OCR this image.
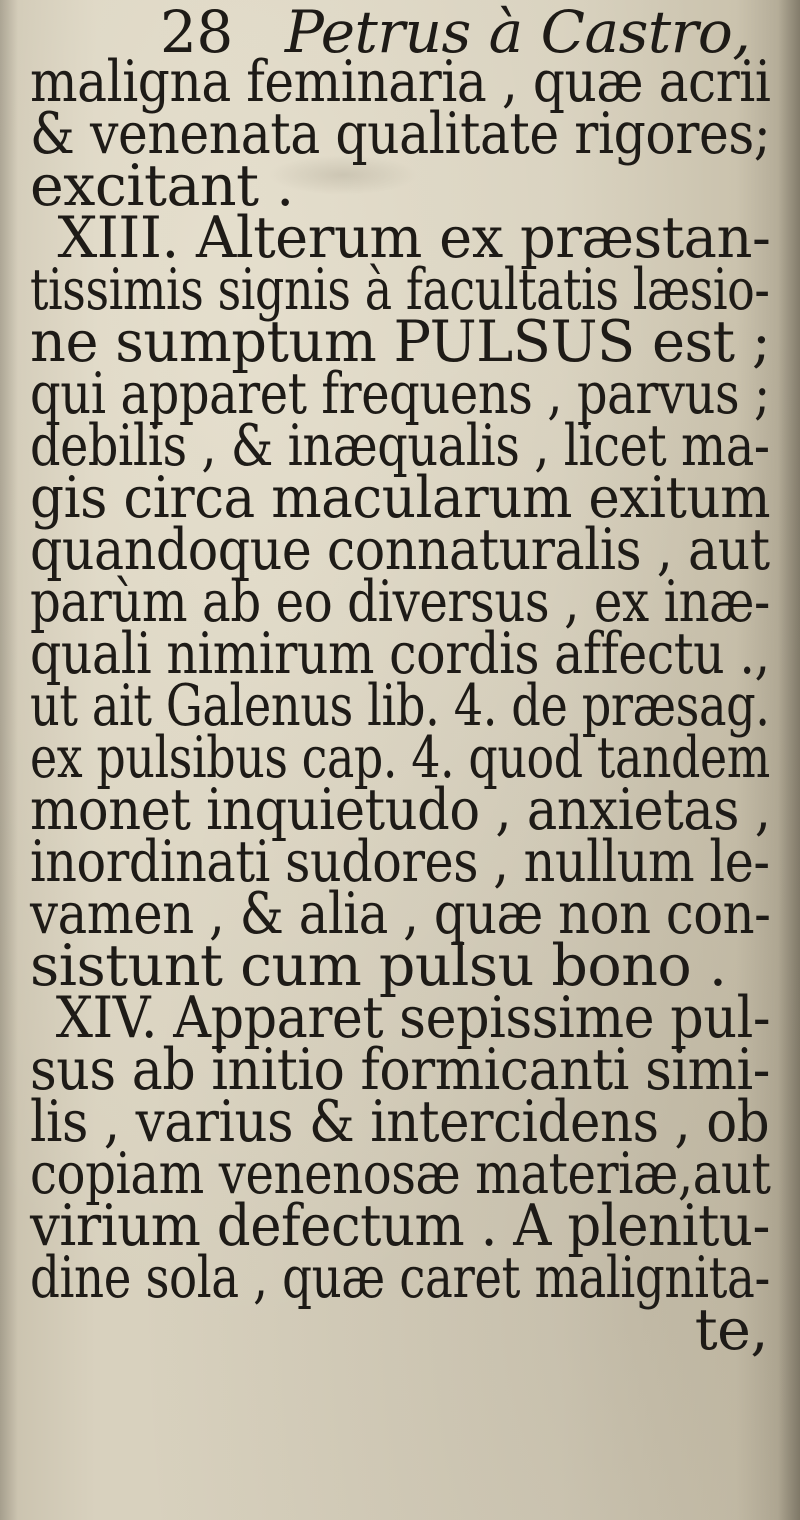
28 Petrus à Castro,
maligna feminaria , quæ acrii
& venenata qualitate rigores;
excitant .
XIII. Alterum ex præstan-
tissimis signis à facultatis læsio-
ne sumptum PULSUS est ;
qui apparet frequens , parvus ;
debilis , & inæqualis , licet ma-
gis circa macularum exitum
quandoque connaturalis , aut
parùm ab eo diversus , ex inæ-
quali nimirum cordis affectu .,
ut ait Galenus lib. 4. de præsag.
ex pulsibus cap. 4. quod tandem
monet inquietudo , anxietas ,
inordinati sudores , nullum le-
vamen , & alia , quæ non con-
sistunt cum pulsu bono .
XIV. Apparet sepissime pul-
sus ab initio formicanti simi-
lis , varius & intercidens , ob
copiam venenosæ materiæ,aut
virium defectum . A plenitu-
dine sola , quæ caret malignita-
te,
